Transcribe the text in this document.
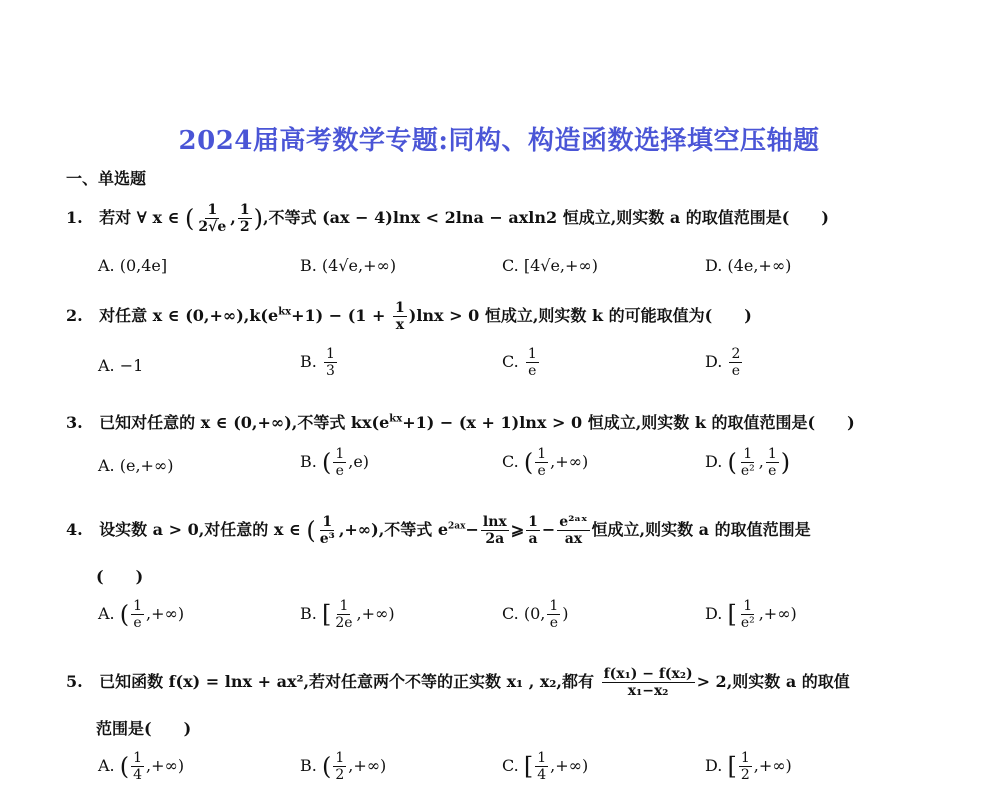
2024届高考数学专题:同构、构造函数选择填空压轴题
一、单选题
1. 若对 ∀ x ∈ ( $\frac{1}{2√e}$ , $\frac{1}{2}$ ),不等式 (ax − 4)lnx < 2lna − axln2 恒成立,则实数 a 的取值范围是(　　)
A. (0,4e]	B. (4√e,+∞)	C. [4√e,+∞)	D. (4e,+∞)
2. 对任意 x ∈ $(0,+\infty),k(e^{kx}+1) - (1 + \frac{1}{x} )\ln x > 0$ 恒成立,则实数 k 的可能取值为(　　)
A. −1	B. $\frac{1}{3}$	C. $\frac{1}{e}$	D. $\frac{2}{e}$
3. 已知对任意的 x ∈ (0,+∞),不等式 $kx(e^{kx}+1) - (x + 1)\ln x > 0$ 恒成立,则实数 k 的取值范围是(　　)
A. (e,+∞)	B. ( $\frac{1}{e} ,e$)	C. ( $\frac{1}{e}$ ,+∞)	D. ( $\frac{1}{\text{e²}}$ , $\frac{1}{e}$ )
4. 设实数 a > 0,对任意的 x ∈ ( $\frac{1}{\text{e³}}$ ,+∞),不等式 $e^{2ax}- \frac{\ln x}{2a}$ ⩾ $\frac{1}{a} - \frac{\text{e²ᵃˣ}}{ax}$ 恒成立,则实数 a 的取值范围是
(　　)
A. ( $\frac{1}{e}$ ,+∞)	B. [ $\frac{1}{2e}$ ,+∞)	C. (0, $\frac{1}{e}$ )	D. [ $\frac{1}{\text{e²}}$ ,+∞)
5. 已知函数 f(x) = lnx + ax²,若对任意两个不等的正实数 x₁ , x₂,都有 $\frac{\text{f(x₁) − f(x₂)}}{\text{x₁−x₂}} > 2$,则实数 a 的取值
范围是(　　)
A. ( $\frac{1}{4}$ ,+∞)	B. ( $\frac{1}{2}$ ,+∞)	C. [ $\frac{1}{4}$ ,+∞)	D. [ $\frac{1}{2}$ ,+∞)
